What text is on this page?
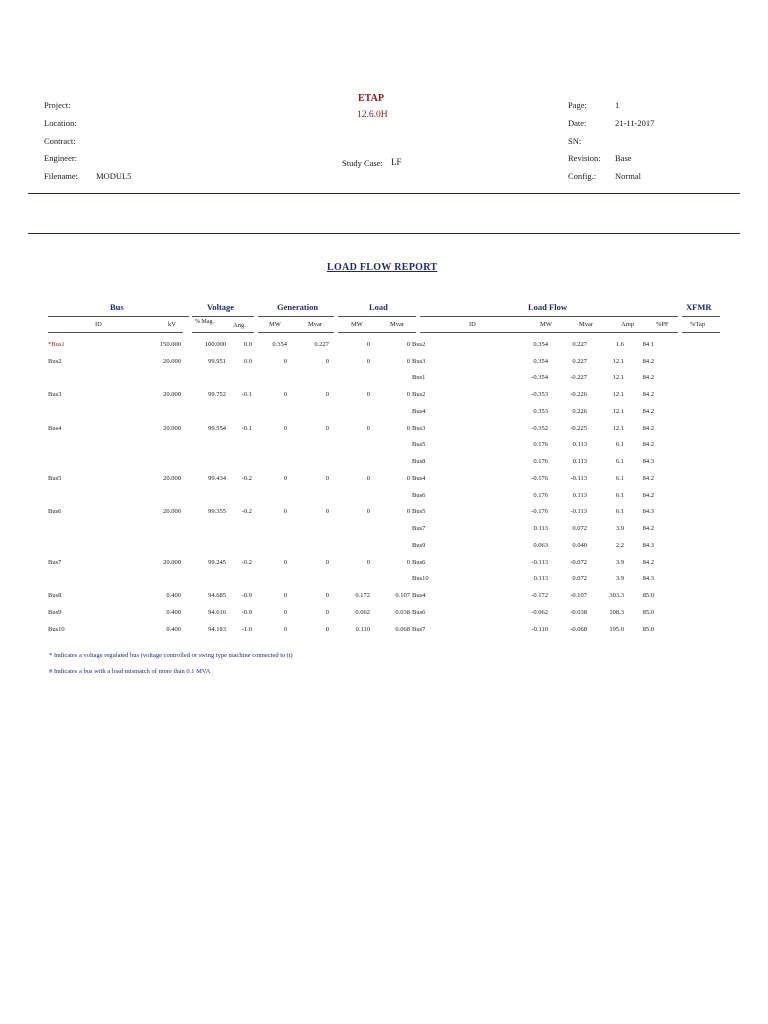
Project:
Location:
Contract:
Engineer:
Filename: MODUL5
ETAP
12.6.0H
Study Case: LF
Page:
Date:
SN:
Revision:
Config.:
1
21-11-2017
Base
Normal
LOAD FLOW REPORT
Bus	Voltage	Generation	Load	Load Flow	XFMR
ID	kV	% Mag.	Ang.	MW	Mvar	MW	Mvar	ID	MW	Mvar	Amp	%PF	%Tap
*Bus1	150.000	100.000	0.0	0.354	0.227	0	0	Bus2	0.354	0.227	1.6	84.1
Bus2	20.000	99.951	0.0	0	0	0	0	Bus3	0.354	0.227	12.1	84.2
								Bus1	-0.354	-0.227	12.1	84.2
Bus3	20.000	99.752	-0.1	0	0	0	0	Bus2	-0.353	-0.226	12.1	84.2
								Bus4	0.353	0.226	12.1	84.2
Bus4	20.000	99.554	-0.1	0	0	0	0	Bus3	-0.352	-0.225	12.1	84.2
								Bus5	0.176	0.113	6.1	84.2
								Bus8	0.176	0.113	6.1	84.3
Bus5	20.000	99.434	-0.2	0	0	0	0	Bus4	-0.176	-0.113	6.1	84.2
								Bus6	0.176	0.113	6.1	84.2
Bus6	20.000	99.355	-0.2	0	0	0	0	Bus5	-0.176	-0.113	6.1	84.3
								Bus7	0.113	0.072	3.9	84.2
								Bus9	0.063	0.040	2.2	84.3
Bus7	20.000	99.245	-0.2	0	0	0	0	Bus6	-0.113	-0.072	3.9	84.2
								Bus10	0.113	0.072	3.9	84.3
Bus8	0.400	94.685	-0.9	0	0	0.172	0.107	Bus4	-0.172	-0.107	303.3	85.0
Bus9	0.400	94.616	-0.9	0	0	0.062	0.038	Bus6	-0.062	-0.038	108.3	85.0
Bus10	0.400	94.183	-1.0	0	0	0.110	0.068	Bus7	-0.110	-0.068	195.0	85.0
* Indicates a voltage regulated bus (voltage controlled or swing type machine connected to it)
# Indicates a bus with a load mismatch of more than 0.1 MVA
